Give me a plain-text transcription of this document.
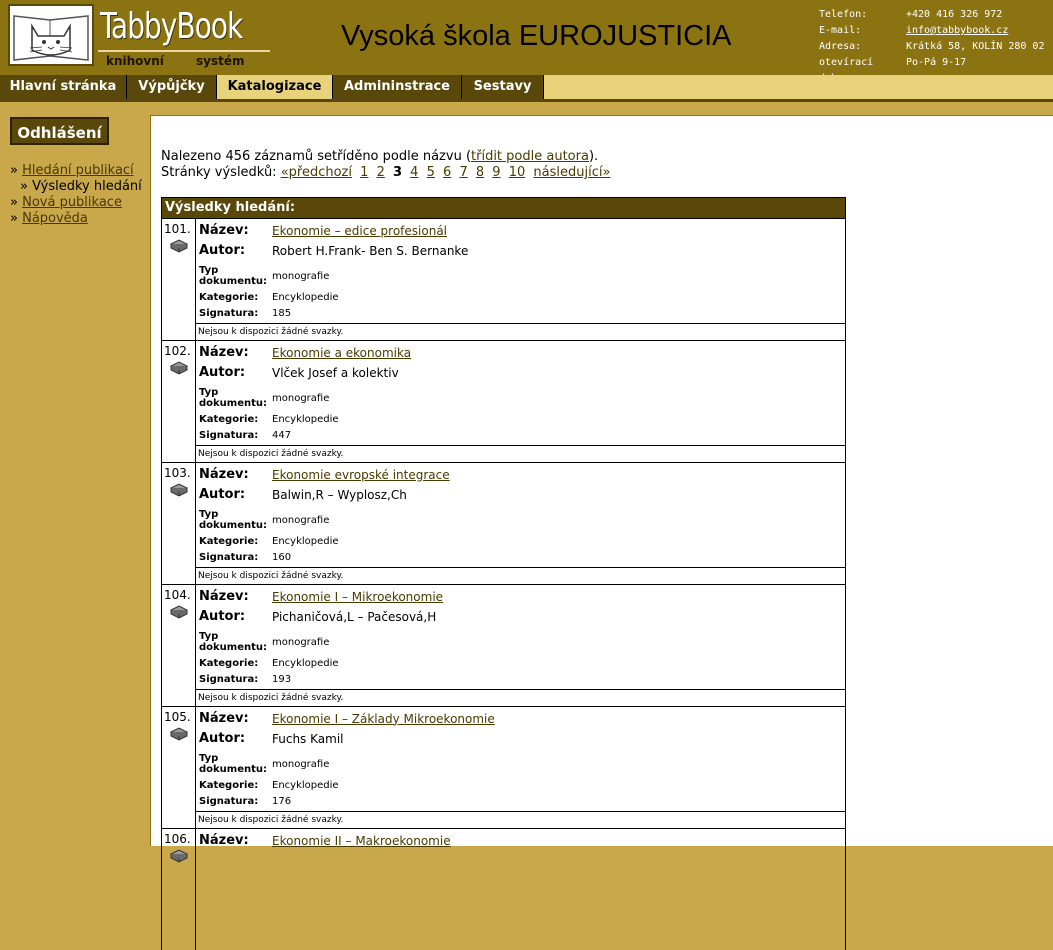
TabbyBook
knihovní	systém
Vysoká škola EUROJUSTICIA
Telefon:	+420 416 326 972
E-mail:	info@tabbybook.cz
Adresa:	Krátká 58, KOLÍN 280 02
otevírací	Po-Pá 9-17
Hlavní stránka	Výpůjčky	Katalogizace	Admininstrace	Sestavy
Odhlášení
» Hledání publikací
» Výsledky hledání
» Nová publikace
» Nápověda
Nalezeno 456 záznamů setříděno podle názvu (třídit podle autora).
Stránky výsledků: «předchozí 1 2 3 4 5 6 7 8 9 10 následující»
Výsledky hledání:
101. Název:	Ekonomie – edice profesionál
Autor:	Robert H.Frank- Ben S. Bernanke
Typ
dokumentu: monografie
Kategorie:	Encyklopedie
Signatura:	185
Nejsou k dispozici žádné svazky.
102. Název:	Ekonomie a ekonomika
Autor:	Vlček Josef a kolektiv
Typ
dokumentu: monografie
Kategorie:	Encyklopedie
Signatura:	447
Nejsou k dispozici žádné svazky.
103. Název:	Ekonomie evropské integrace
Autor:	Balwin,R – Wyplosz,Ch
Typ
dokumentu: monografie
Kategorie:	Encyklopedie
Signatura:	160
Nejsou k dispozici žádné svazky.
104. Název:	Ekonomie I – Mikroekonomie
Autor:	Pichaničová,L – Pačesová,H
Typ
dokumentu: monografie
Kategorie:	Encyklopedie
Signatura:	193
Nejsou k dispozici žádné svazky.
105. Název:	Ekonomie I – Základy Mikroekonomie
Autor:	Fuchs Kamil
Typ
dokumentu: monografie
Kategorie:	Encyklopedie
Signatura:	176
Nejsou k dispozici žádné svazky.
106. Název:	Ekonomie II – Makroekonomie
